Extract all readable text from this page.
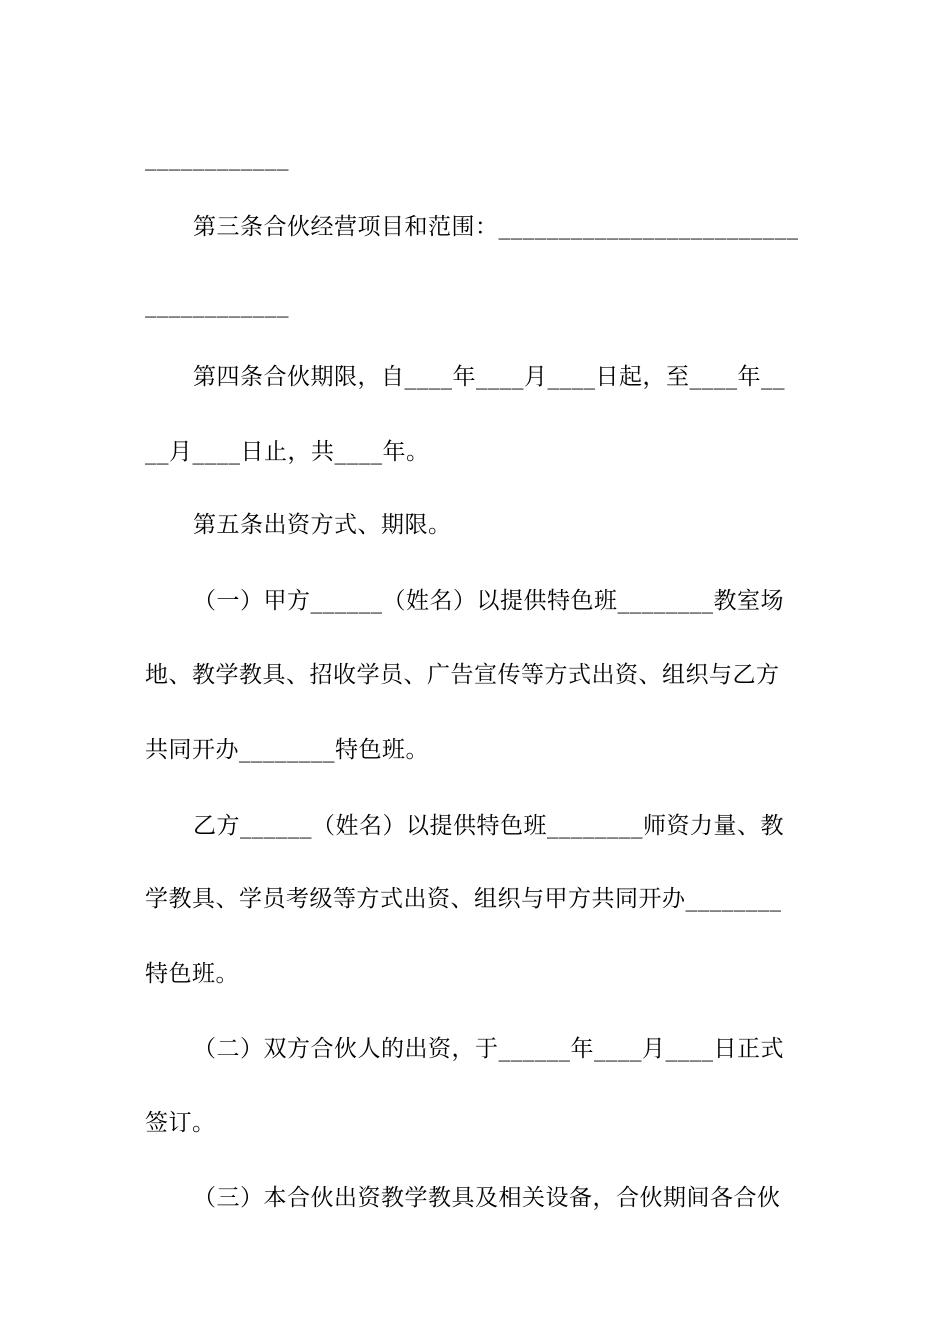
____________
第三条合伙经营项目和范围：_________________________
____________
第四条合伙期限，自____年____月____日起，至____年__
__月____日止，共____年。
第五条出资方式、期限。
（一）甲方______（姓名）以提供特色班________教室场
地、教学教具、招收学员、广告宣传等方式出资、组织与乙方
共同开办________特色班。
乙方______（姓名）以提供特色班________师资力量、教
学教具、学员考级等方式出资、组织与甲方共同开办________
特色班。
（二）双方合伙人的出资，于______年____月____日正式
签订。
（三）本合伙出资教学教具及相关设备，合伙期间各合伙
